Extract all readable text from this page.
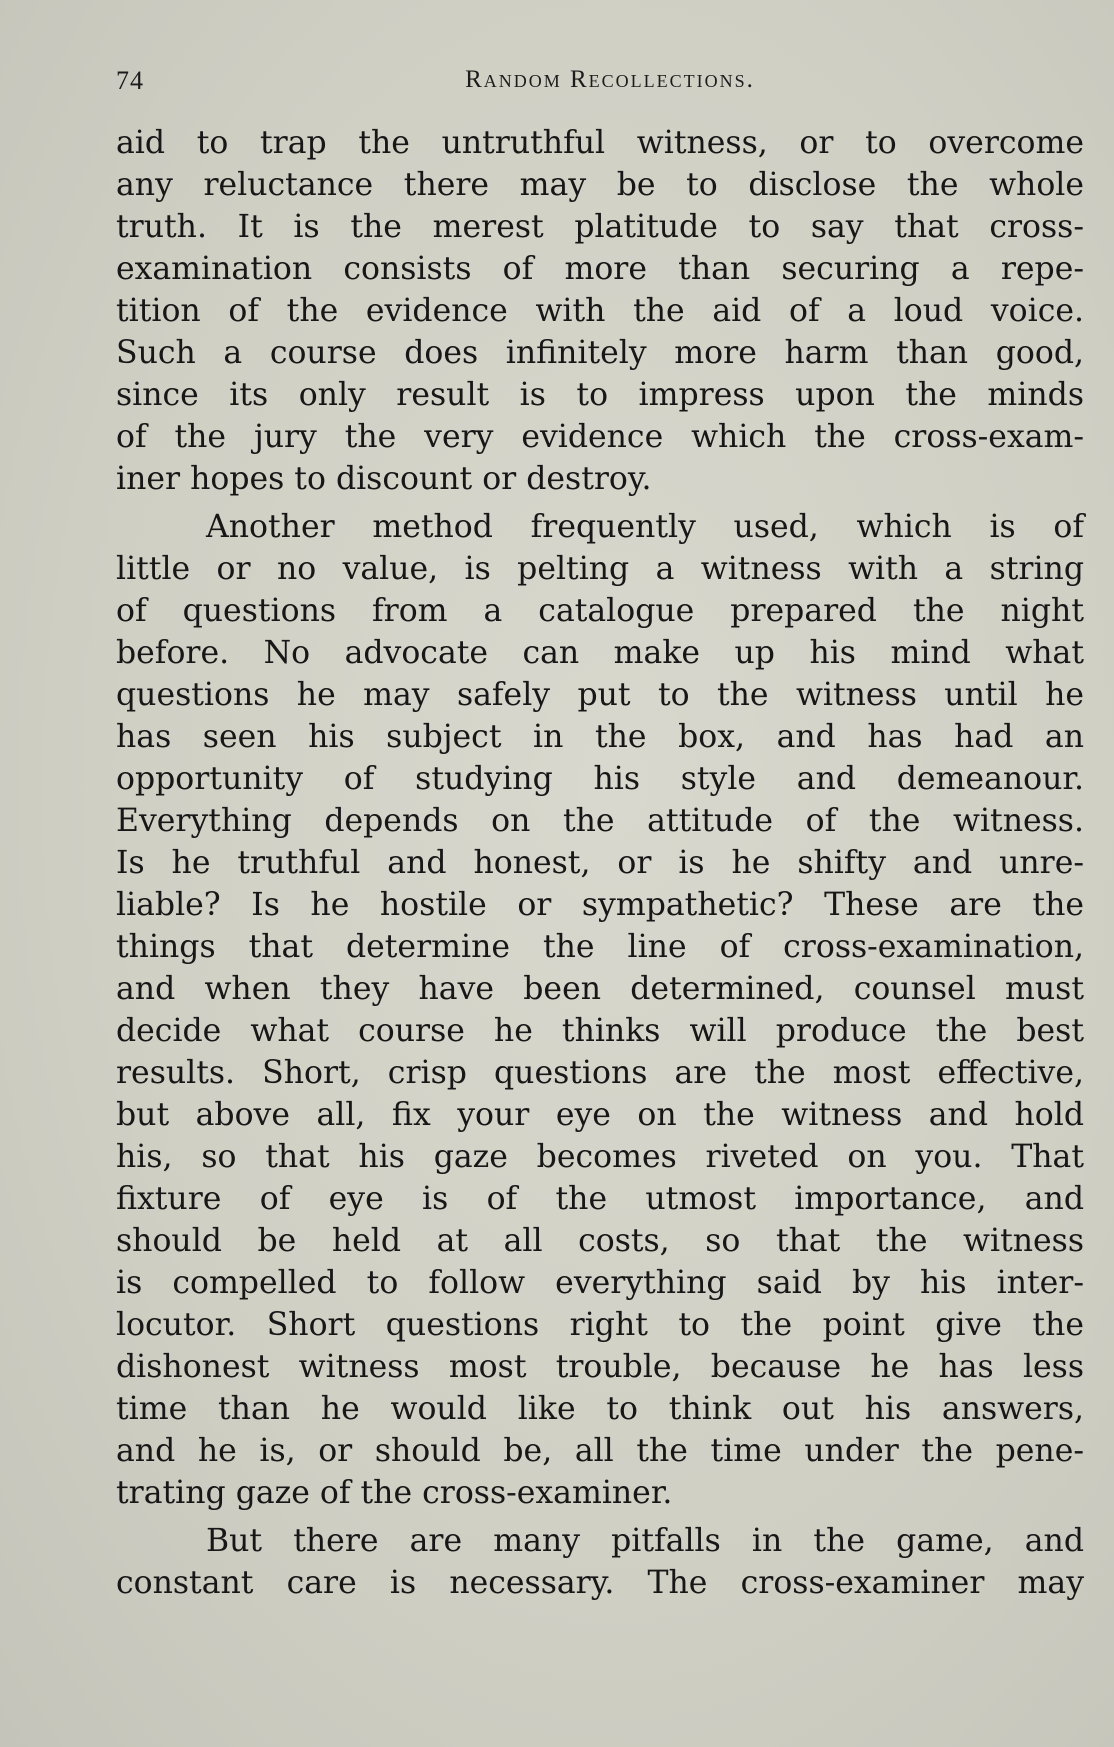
74	Random Recollections.
aid to trap the untruthful witness, or to overcome
any reluctance there may be to disclose the whole
truth. It is the merest platitude to say that cross-
examination consists of more than securing a repe-
tition of the evidence with the aid of a loud voice.
Such a course does infinitely more harm than good,
since its only result is to impress upon the minds
of the jury the very evidence which the cross-exam-
iner hopes to discount or destroy.
Another method frequently used, which is of
little or no value, is pelting a witness with a string
of questions from a catalogue prepared the night
before. No advocate can make up his mind what
questions he may safely put to the witness until he
has seen his subject in the box, and has had an
opportunity of studying his style and demeanour.
Everything depends on the attitude of the witness.
Is he truthful and honest, or is he shifty and unre-
liable? Is he hostile or sympathetic? These are the
things that determine the line of cross-examination,
and when they have been determined, counsel must
decide what course he thinks will produce the best
results. Short, crisp questions are the most effective,
but above all, fix your eye on the witness and hold
his, so that his gaze becomes riveted on you. That
fixture of eye is of the utmost importance, and
should be held at all costs, so that the witness
is compelled to follow everything said by his inter-
locutor. Short questions right to the point give the
dishonest witness most trouble, because he has less
time than he would like to think out his answers,
and he is, or should be, all the time under the pene-
trating gaze of the cross-examiner.
But there are many pitfalls in the game, and
constant care is necessary. The cross-examiner may
